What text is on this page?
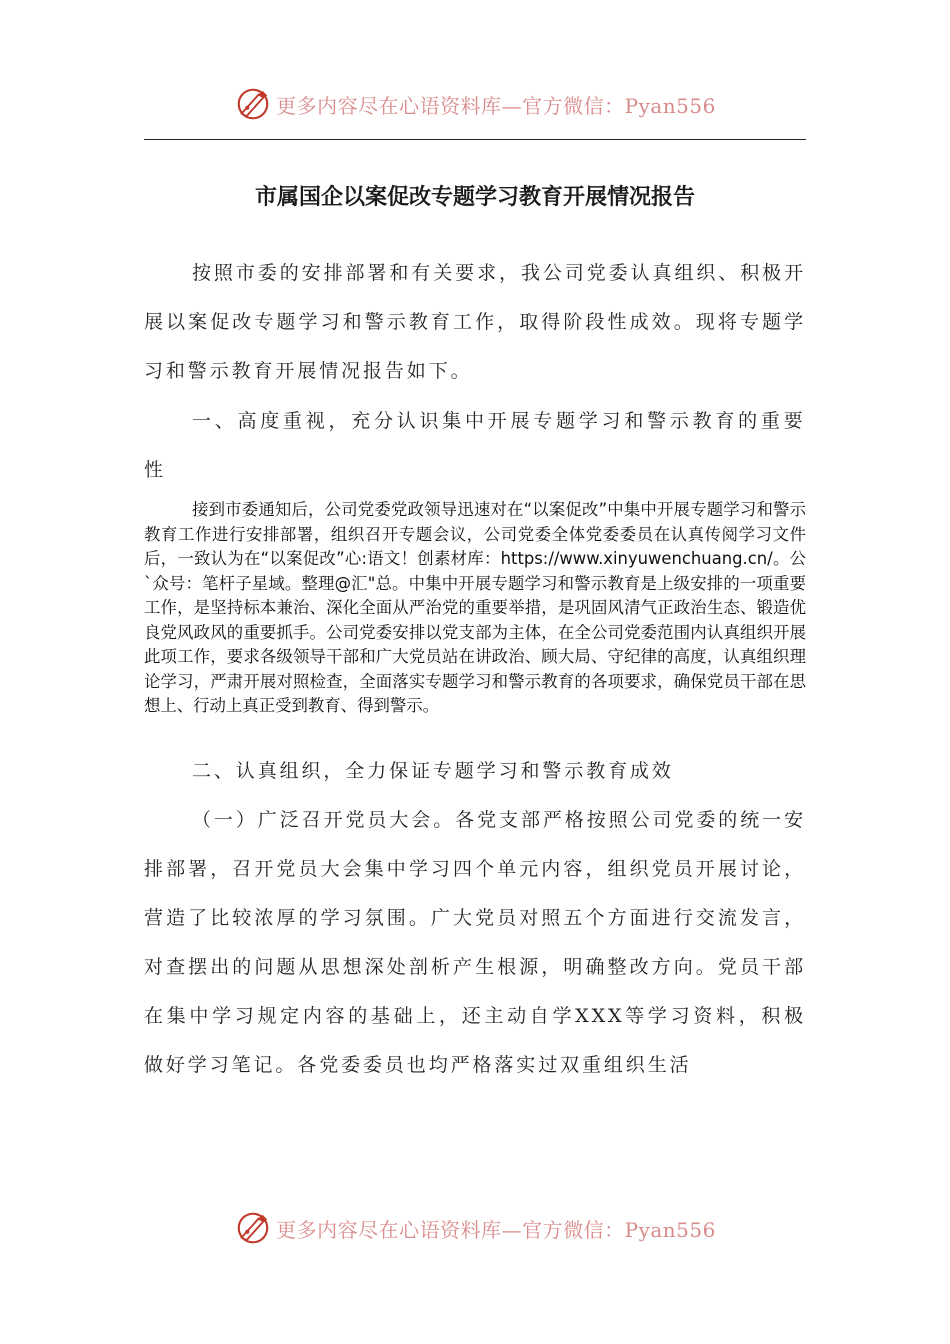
更多内容尽在心语资料库—官方微信：Pyan556
市属国企以案促改专题学习教育开展情况报告

按照市委的安排部署和有关要求，我公司党委认真组织、积极开展以案促改专题学习和警示教育工作，取得阶段性成效。现将专题学习和警示教育开展情况报告如下。

一、高度重视，充分认识集中开展专题学习和警示教育的重要性

接到市委通知后，公司党委党政领导迅速对在“以案促改”中集中开展专题学习和警示教育工作进行安排部署，组织召开专题会议，公司党委全体党委委员在认真传阅学习文件后，一致认为在“以案促改”心:语文！创素材库：https://www.xinyuwenchuang.cn/。公`众号：笔杆子星域。整理@汇"总。中集中开展专题学习和警示教育是上级安排的一项重要工作，是坚持标本兼治、深化全面从严治党的重要举措，是巩固风清气正政治生态、锻造优良党风政风的重要抓手。公司党委安排以党支部为主体，在全公司党委范围内认真组织开展此项工作，要求各级领导干部和广大党员站在讲政治、顾大局、守纪律的高度，认真组织理论学习，严肃开展对照检查，全面落实专题学习和警示教育的各项要求，确保党员干部在思想上、行动上真正受到教育、得到警示。

二、认真组织，全力保证专题学习和警示教育成效

（一）广泛召开党员大会。各党支部严格按照公司党委的统一安排部署，召开党员大会集中学习四个单元内容，组织党员开展讨论，营造了比较浓厚的学习氛围。广大党员对照五个方面进行交流发言，对查摆出的问题从思想深处剖析产生根源，明确整改方向。党员干部在集中学习规定内容的基础上，还主动自学XXX等学习资料，积极做好学习笔记。各党委委员也均严格落实过双重组织生活

更多内容尽在心语资料库—官方微信：Pyan556
